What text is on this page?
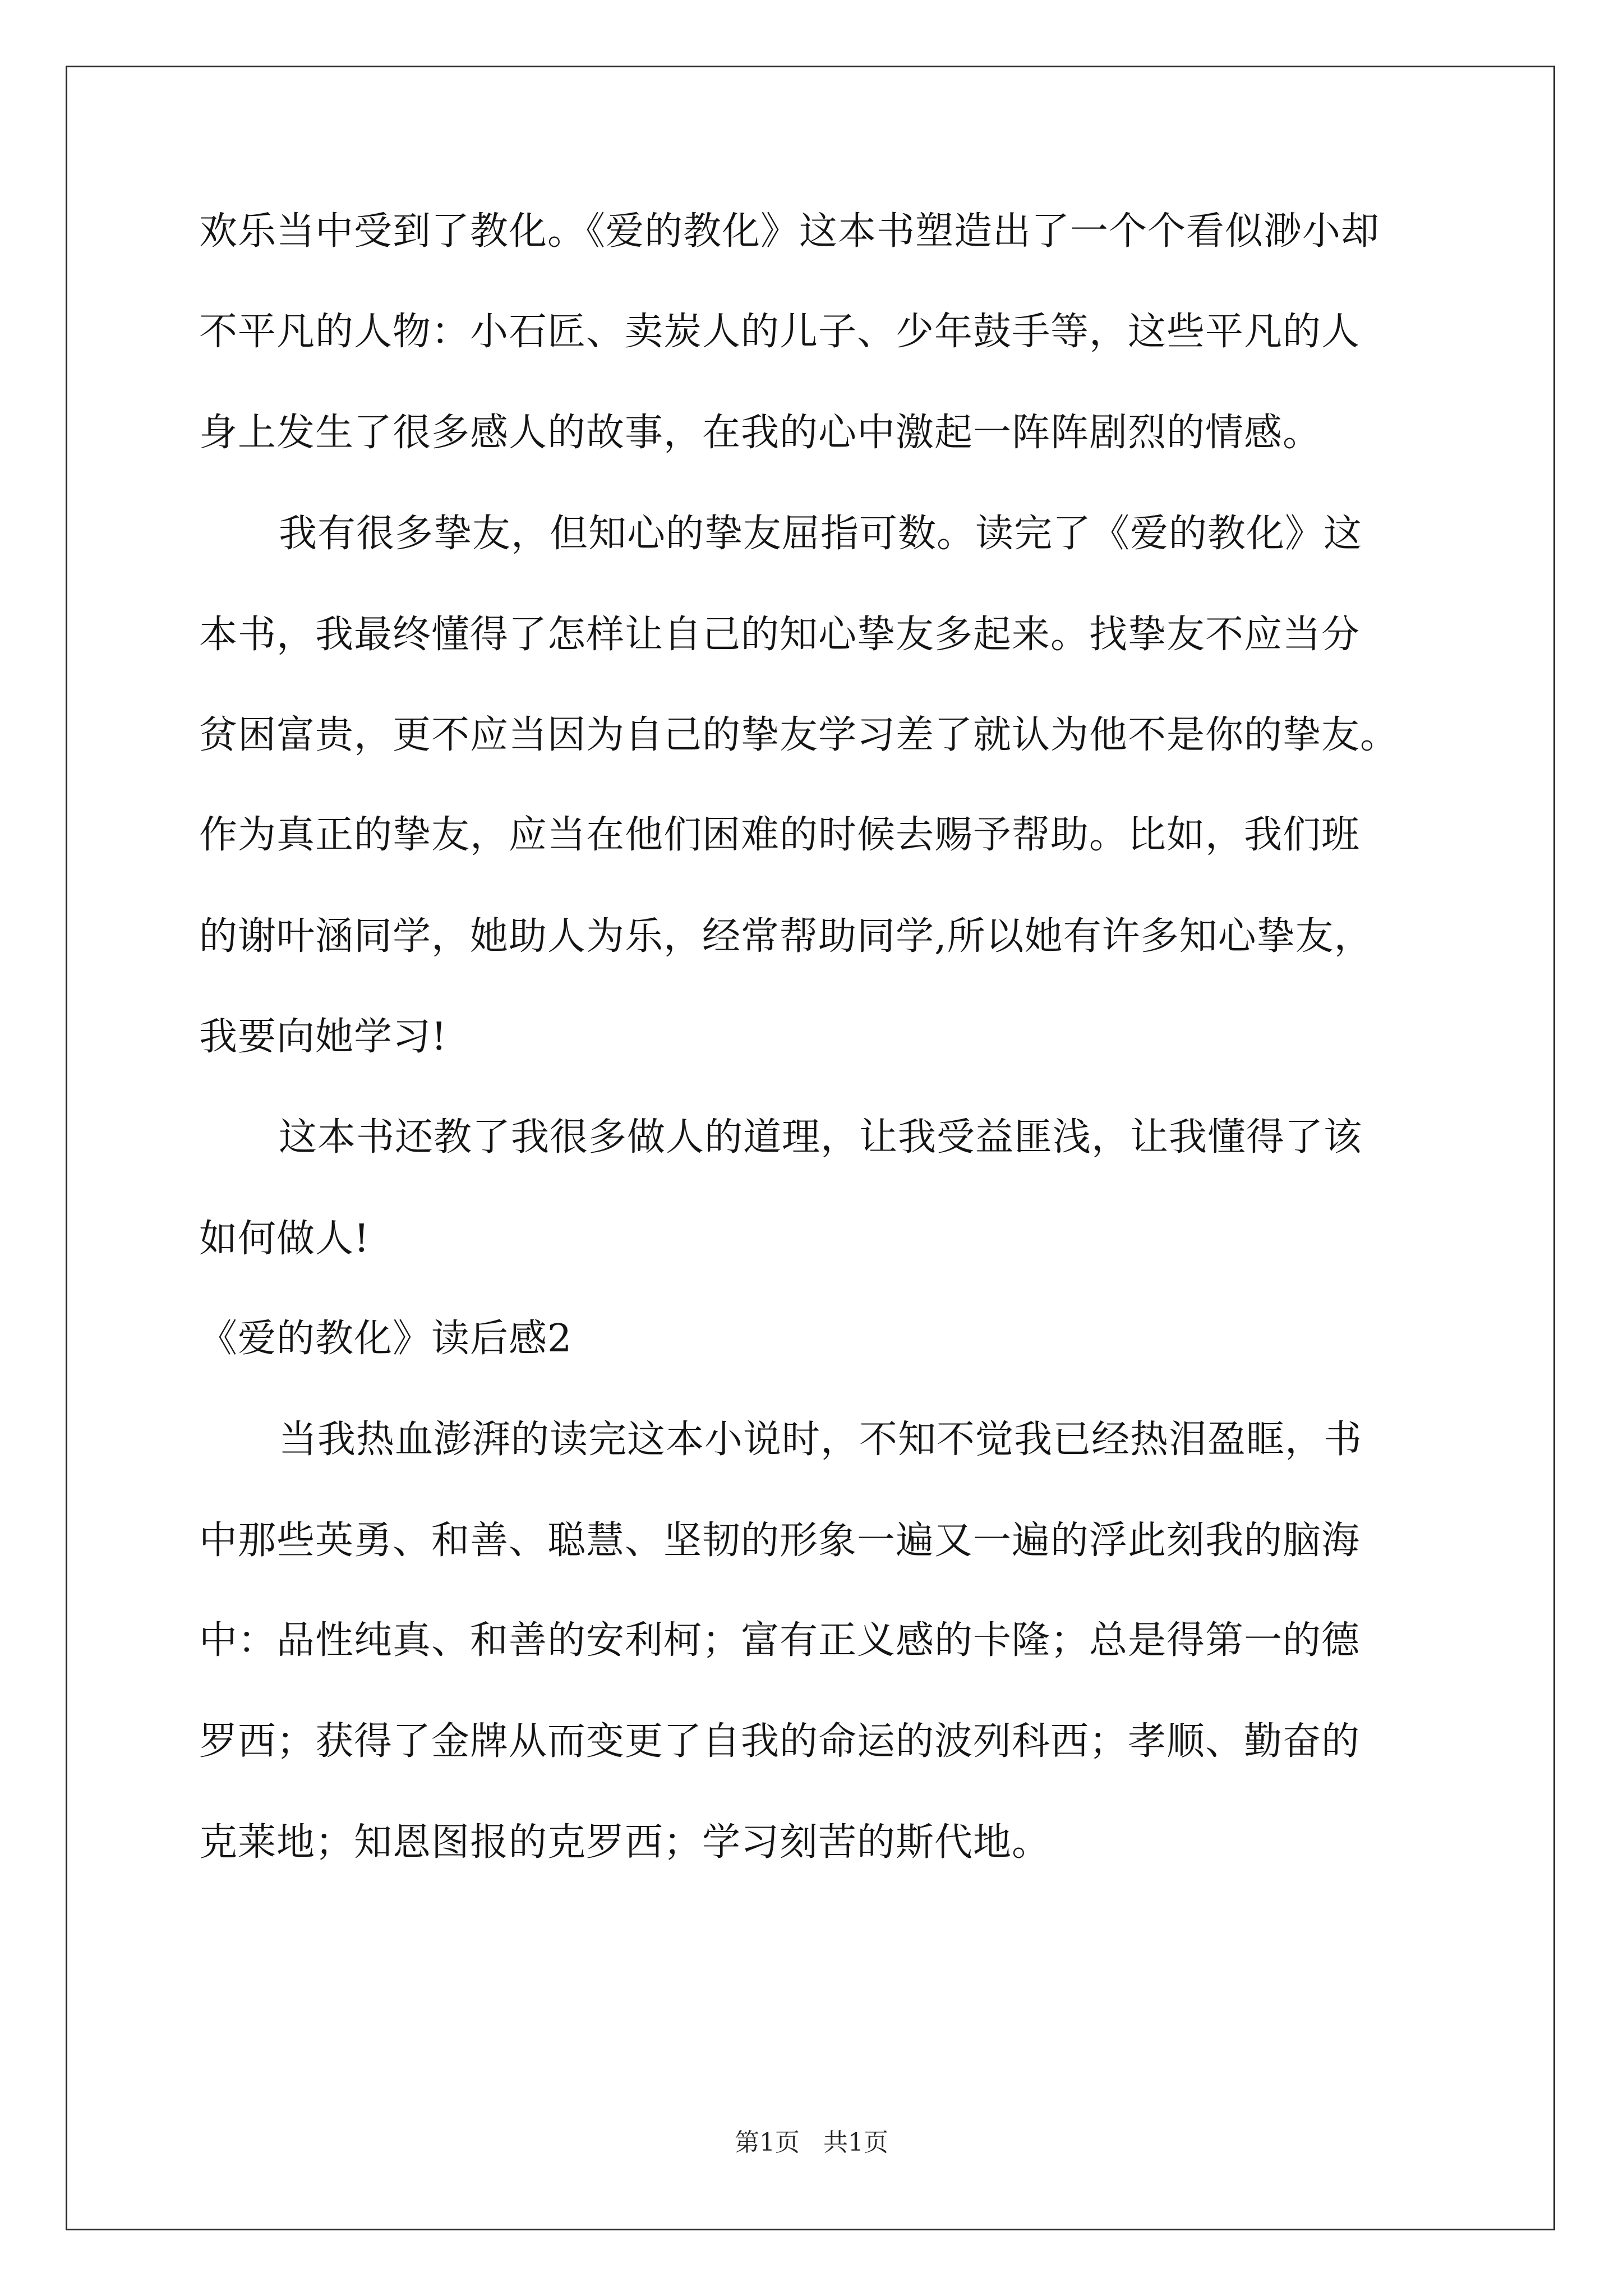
欢乐当中受到了教化。《爱的教化》这本书塑造出了一个个看似渺小却
不平凡的人物：小石匠、卖炭人的儿子、少年鼓手等，这些平凡的人
身上发生了很多感人的故事，在我的心中激起一阵阵剧烈的情感。
我有很多挚友，但知心的挚友屈指可数。读完了《爱的教化》这
本书，我最终懂得了怎样让自己的知心挚友多起来。找挚友不应当分
贫困富贵，更不应当因为自己的挚友学习差了就认为他不是你的挚友。
作为真正的挚友，应当在他们困难的时候去赐予帮助。比如，我们班
的谢叶涵同学，她助人为乐，经常帮助同学,所以她有许多知心挚友，
我要向她学习!
这本书还教了我很多做人的道理，让我受益匪浅，让我懂得了该
如何做人!
《爱的教化》读后感2
当我热血澎湃的读完这本小说时，不知不觉我已经热泪盈眶，书
中那些英勇、和善、聪慧、坚韧的形象一遍又一遍的浮此刻我的脑海
中：品性纯真、和善的安利柯；富有正义感的卡隆；总是得第一的德
罗西；获得了金牌从而变更了自我的命运的波列科西；孝顺、勤奋的
克莱地；知恩图报的克罗西；学习刻苦的斯代地。
第1页 共1页
